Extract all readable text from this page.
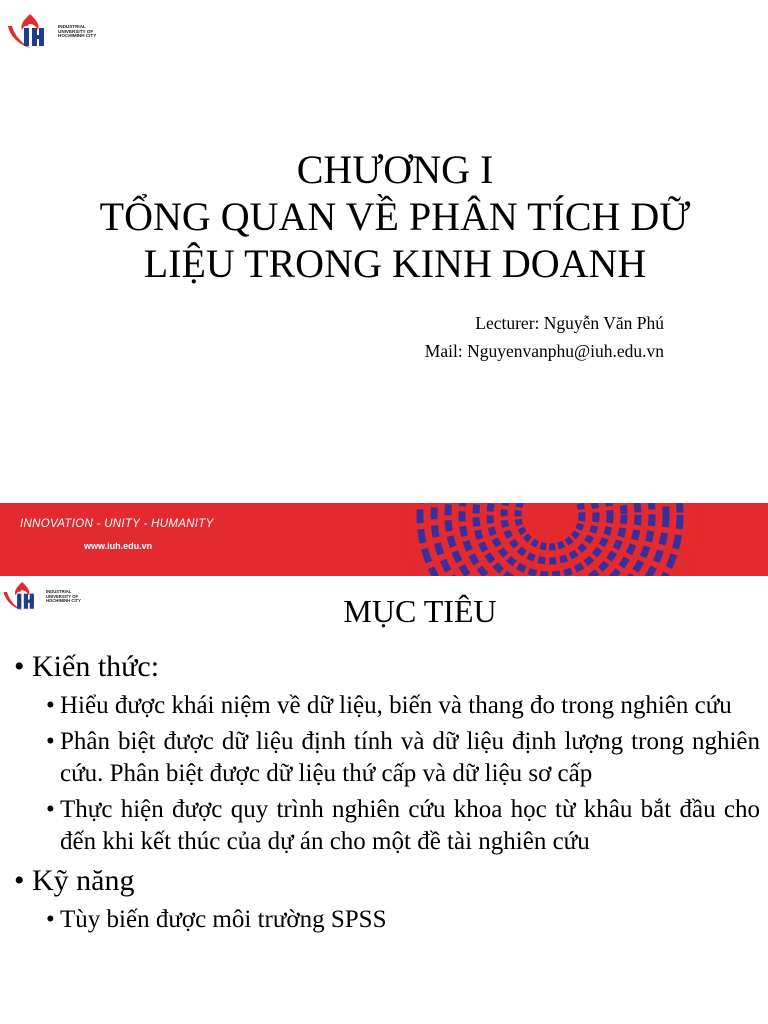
INDUSTRIAL
UNIVERSITY OF
HOCHIMINH CITY
CHƯƠNG I
TỔNG QUAN VỀ PHÂN TÍCH DỮ
LIỆU TRONG KINH DOANH
Lecturer: Nguyễn Văn Phú
Mail: Nguyenvanphu@iuh.edu.vn
INNOVATION - UNITY - HUMANITY
www.iuh.edu.vn
INDUSTRIAL
UNIVERSITY OF
HOCHIMINH CITY	MỤC TIÊU
• Kiến thức:
• Hiểu được khái niệm về dữ liệu, biến và thang đo trong nghiên cứu
• Phân biệt được dữ liệu định tính và dữ liệu định lượng trong nghiên cứu. Phân biệt được dữ liệu thứ cấp và dữ liệu sơ cấp
• Thực hiện được quy trình nghiên cứu khoa học từ khâu bắt đầu cho đến khi kết thúc của dự án cho một đề tài nghiên cứu
• Kỹ năng
• Tùy biến được môi trường SPSS
